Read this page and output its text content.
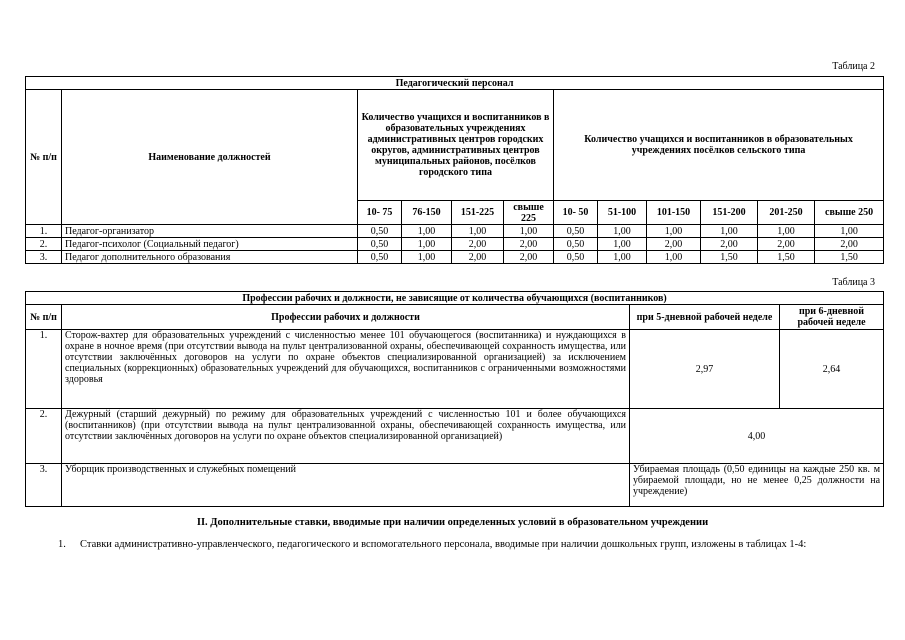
Таблица 2
Педагогический персонал											
№ п/п	Наименование должностей	Количество учащихся и воспитанников в образовательных учреждениях административных центров городских округов, административных центров муниципальных районов, посёлков городского типа				Количество учащихся и воспитанников в образовательных учреждениях посёлков сельского типа					
		10- 75	76-150	151-225	свыше 225	10- 50	51-100	101-150	151-200	201-250	свыше 250
1.	Педагог-организатор	0,50	1,00	1,00	1,00	0,50	1,00	1,00	1,00	1,00	1,00
2.	Педагог-психолог (Социальный педагог)	0,50	1,00	2,00	2,00	0,50	1,00	2,00	2,00	2,00	2,00
3.	Педагог дополнительного образования	0,50	1,00	2,00	2,00	0,50	1,00	1,00	1,50	1,50	1,50
Таблица 3
Профессии рабочих и должности, не зависящие от количества обучающихся (воспитанников)			
№ п/п	Профессии рабочих и должности	при 5-дневной рабочей неделе	при 6-дневной рабочей неделе
1.	Сторож-вахтер для образовательных учреждений с численностью менее 101 обучающегося (воспитанника) и нуждающихся в охране в ночное время (при отсутствии вывода на пульт централизованной охраны, обеспечивающей сохранность имущества, или отсутствии заключённых договоров на услуги по охране объектов специализированной организацией) за исключением специальных (коррекционных) образовательных учреждений для обучающихся, воспитанников с ограниченными возможностями здоровья	2,97	2,64
2.	Дежурный (старший дежурный) по режиму для образовательных учреждений с численностью 101 и более обучающихся (воспитанников) (при отсутствии вывода на пульт централизованной охраны, обеспечивающей сохранность имущества, или отсутствии заключённых договоров на услуги по охране объектов специализированной организацией)	4,00	
3.	Уборщик производственных и служебных помещений	Убираемая площадь (0,50 единицы на каждые 250 кв. м убираемой площади, но не менее 0,25 должности на учреждение)	
II. Дополнительные ставки, вводимые при наличии определенных условий в образовательном учреждении
1. Ставки административно-управленческого, педагогического и вспомогательного персонала, вводимые при наличии дошкольных групп, изложены в таблицах 1-4:
